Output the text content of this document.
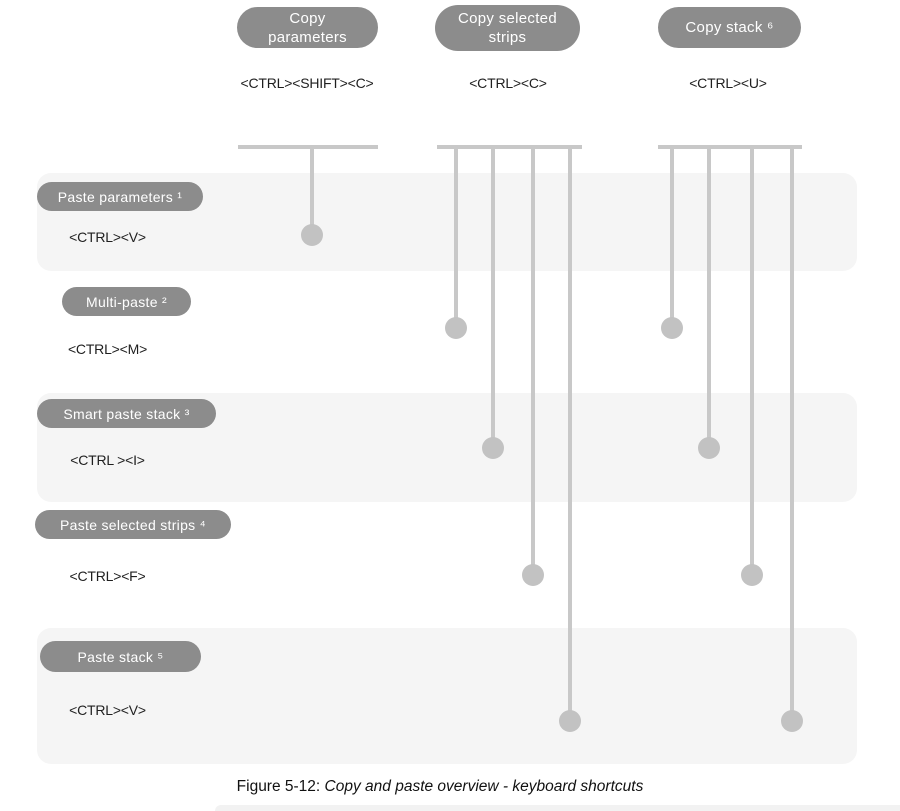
Copy parameters
Copy selected strips
Copy stack ⁶
<CTRL><SHIFT><C>	<CTRL><C>	<CTRL><U>
Paste parameters ¹
Multi-paste ²
Smart paste stack ³
Paste selected strips ⁴
Paste stack ⁵
<CTRL><V>
<CTRL><M>
<CTRL ><I>
<CTRL><F>
<CTRL><V>
Figure 5-12: Copy and paste overview - keyboard shortcuts
